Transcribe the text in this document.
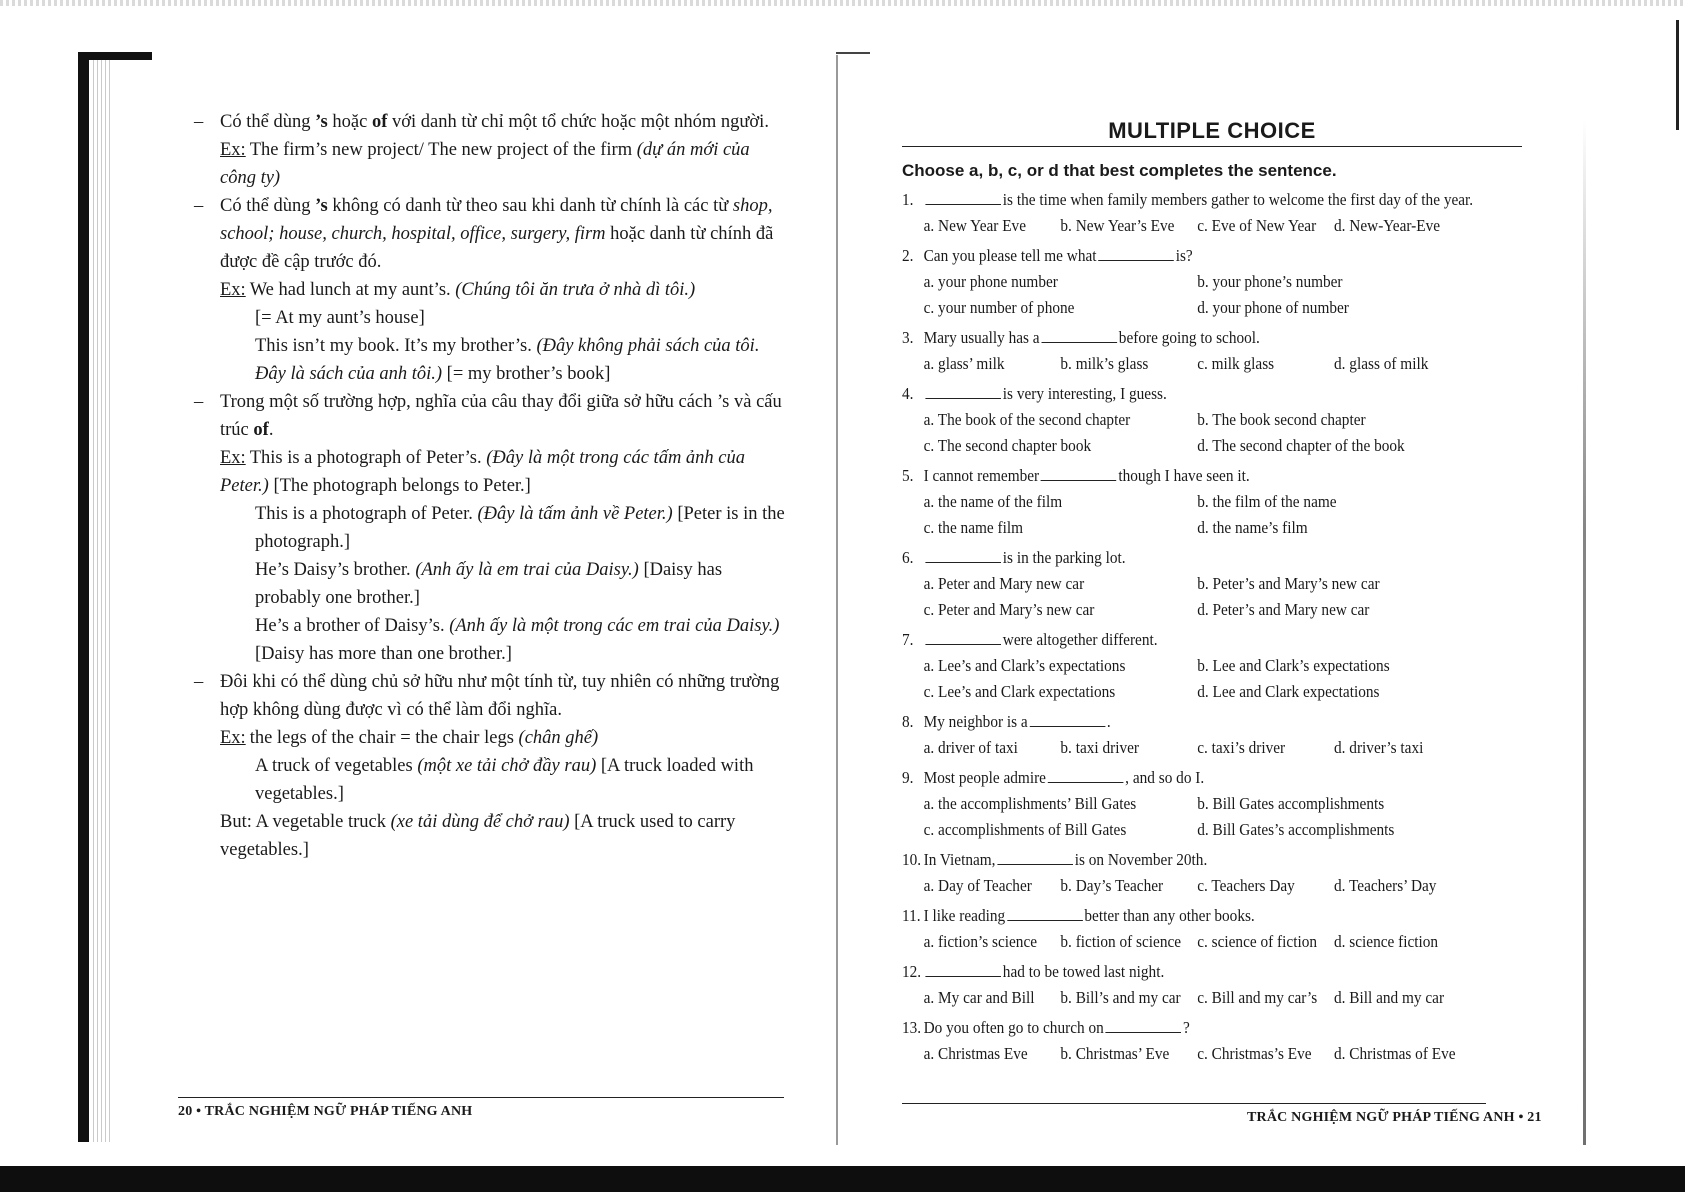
– Có thể dùng ’s hoặc of với danh từ chỉ một tổ chức hoặc một nhóm người.

Ex: The firm’s new project/ The new project of the firm (dự án mới của công ty)

– Có thể dùng ’s không có danh từ theo sau khi danh từ chính là các từ shop, school; house, church, hospital, office, surgery, firm hoặc danh từ chính đã được đề cập trước đó.

Ex: We had lunch at my aunt’s. (Chúng tôi ăn trưa ở nhà dì tôi.)

[= At my aunt’s house]

This isn’t my book. It’s my brother’s. (Đây không phải sách của tôi. Đây là sách của anh tôi.) [= my brother’s book]

– Trong một số trường hợp, nghĩa của câu thay đổi giữa sở hữu cách ’s và cấu trúc of.

Ex: This is a photograph of Peter’s. (Đây là một trong các tấm ảnh của Peter.) [The photograph belongs to Peter.]

This is a photograph of Peter. (Đây là tấm ảnh về Peter.) [Peter is in the photograph.]

He’s Daisy’s brother. (Anh ấy là em trai của Daisy.) [Daisy has probably one brother.]

He’s a brother of Daisy’s. (Anh ấy là một trong các em trai của Daisy.) [Daisy has more than one brother.]

– Đôi khi có thể dùng chủ sở hữu như một tính từ, tuy nhiên có những trường hợp không dùng được vì có thể làm đổi nghĩa.

Ex: the legs of the chair = the chair legs (chân ghế)

A truck of vegetables (một xe tải chở đầy rau) [A truck loaded with vegetables.]

But: A vegetable truck (xe tải dùng để chở rau) [A truck used to carry vegetables.]

20 • TRẮC NGHIỆM NGỮ PHÁP TIẾNG ANH

MULTIPLE CHOICE

Choose a, b, c, or d that best completes the sentence.

1.	is the time when family members gather to welcome the first day of the year.

a. New Year Eve	b. New Year’s Eve	c. Eve of New Year	d. New-Year-Eve

2. Can you please tell me what	is?

a. your phone number	b. your phone’s number
c. your number of phone	d. your phone of number

3. Mary usually has a	before going to school.

a. glass’ milk	b. milk’s glass	c. milk glass	d. glass of milk

4.	is very interesting, I guess.

a. The book of the second chapter	b. The book second chapter
c. The second chapter book	d. The second chapter of the book

5. I cannot remember	though I have seen it.

a. the name of the film	b. the film of the name
c. the name film	d. the name’s film

6.	is in the parking lot.

a. Peter and Mary new car	b. Peter’s and Mary’s new car
c. Peter and Mary’s new car	d. Peter’s and Mary new car

7.	were altogether different.

a. Lee’s and Clark’s expectations	b. Lee and Clark’s expectations
c. Lee’s and Clark expectations	d. Lee and Clark expectations

8. My neighbor is a	.

a. driver of taxi	b. taxi driver	c. taxi’s driver	d. driver’s taxi

9. Most people admire	, and so do I.

a. the accomplishments’ Bill Gates	b. Bill Gates accomplishments
c. accomplishments of Bill Gates	d. Bill Gates’s accomplishments

10. In Vietnam,	is on November 20th.

a. Day of Teacher	b. Day’s Teacher	c. Teachers Day	d. Teachers’ Day

11. I like reading	better than any other books.

a. fiction’s science	b. fiction of science c. science of fiction	d. science fiction

12.	had to be towed last night.

a. My car and Bill	b. Bill’s and my car c. Bill and my car’s d. Bill and my car

13. Do you often go to church on	?

a. Christmas Eve	b. Christmas’ Eve	c. Christmas’s Eve	d. Christmas of Eve
TRẮC NGHIỆM NGỮ PHÁP TIẾNG ANH • 21
